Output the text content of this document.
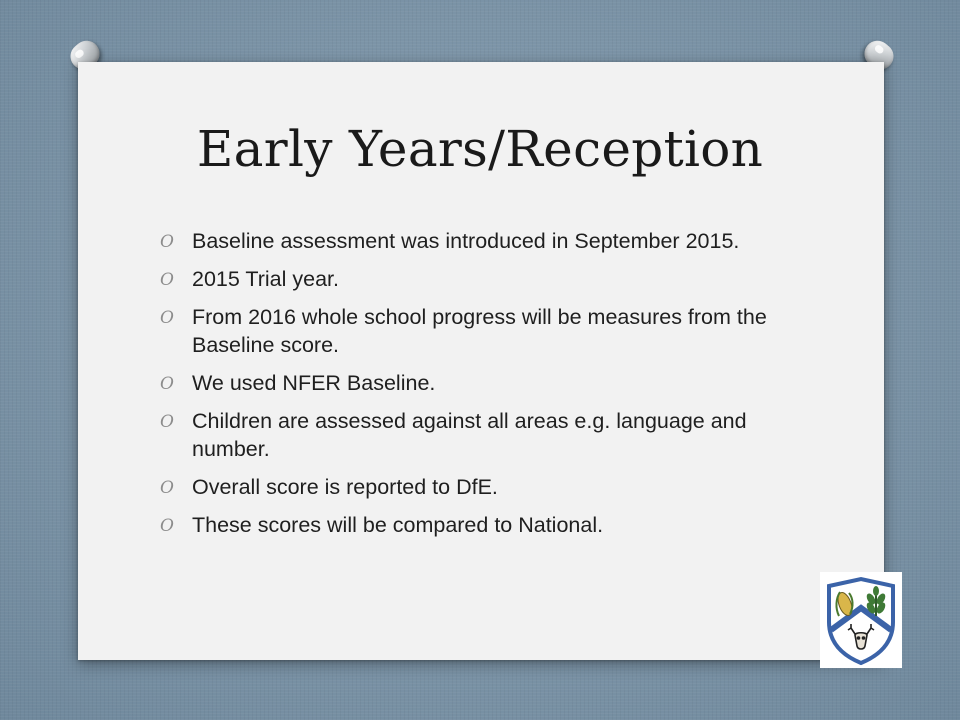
Early Years/Reception
O Baseline assessment was introduced in September 2015.
O 2015 Trial year.
O From 2016 whole school progress will be measures from the Baseline score.
O We used NFER Baseline.
O Children are assessed against all areas e.g. language and number.
O Overall score is reported to DfE.
O These scores will be compared to National.
